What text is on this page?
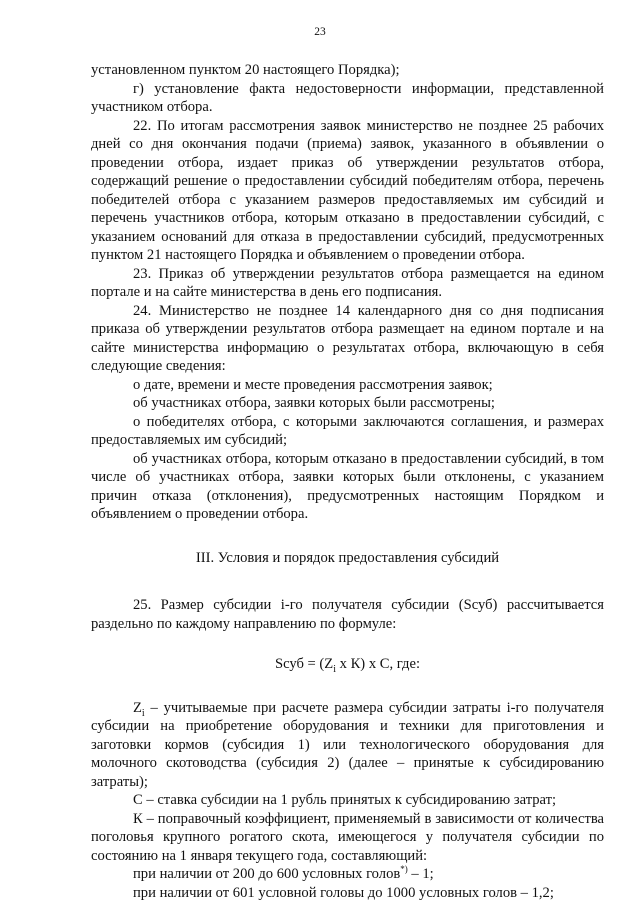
23

установленном пунктом 20 настоящего Порядка);

г) установление факта недостоверности информации, представленной участником отбора.

22. По итогам рассмотрения заявок министерство не позднее 25 рабочих дней со дня окончания подачи (приема) заявок, указанного в объявлении о проведении отбора, издает приказ об утверждении результатов отбора, содержащий решение о предоставлении субсидий победителям отбора, перечень победителей отбора с указанием размеров предоставляемых им субсидий и перечень участников отбора, которым отказано в предоставлении субсидий, с указанием оснований для отказа в предоставлении субсидий, предусмотренных пунктом 21 настоящего Порядка и объявлением о проведении отбора.

23. Приказ об утверждении результатов отбора размещается на едином портале и на сайте министерства в день его подписания.

24. Министерство не позднее 14 календарного дня со дня подписания приказа об утверждении результатов отбора размещает на едином портале и на сайте министерства информацию о результатах отбора, включающую в себя следующие сведения:

о дате, времени и месте проведения рассмотрения заявок;

об участниках отбора, заявки которых были рассмотрены;

о победителях отбора, с которыми заключаются соглашения, и размерах предоставляемых им субсидий;

об участниках отбора, которым отказано в предоставлении субсидий, в том числе об участниках отбора, заявки которых были отклонены, с указанием причин отказа (отклонения), предусмотренных настоящим Порядком и объявлением о проведении отбора.

III. Условия и порядок предоставления субсидий

25. Размер субсидии i-го получателя субсидии (Sсуб) рассчитывается раздельно по каждому направлению по формуле:

Sсуб = ($Z_i$ x К) x С, где:

$Z_i$ – учитываемые при расчете размера субсидии затраты i-го получателя субсидии на приобретение оборудования и техники для приготовления и заготовки кормов (субсидия 1) или технологического оборудования для молочного скотоводства (субсидия 2) (далее – принятые к субсидированию затраты);

С – ставка субсидии на 1 рубль принятых к субсидированию затрат;

К – поправочный коэффициент, применяемый в зависимости от количества поголовья крупного рогатого скота, имеющегося у получателя субсидии по состоянию на 1 января текущего года, составляющий:

при наличии от 200 до 600 условных голов*) – 1;

при наличии от 601 условной головы до 1000 условных голов – 1,2;
